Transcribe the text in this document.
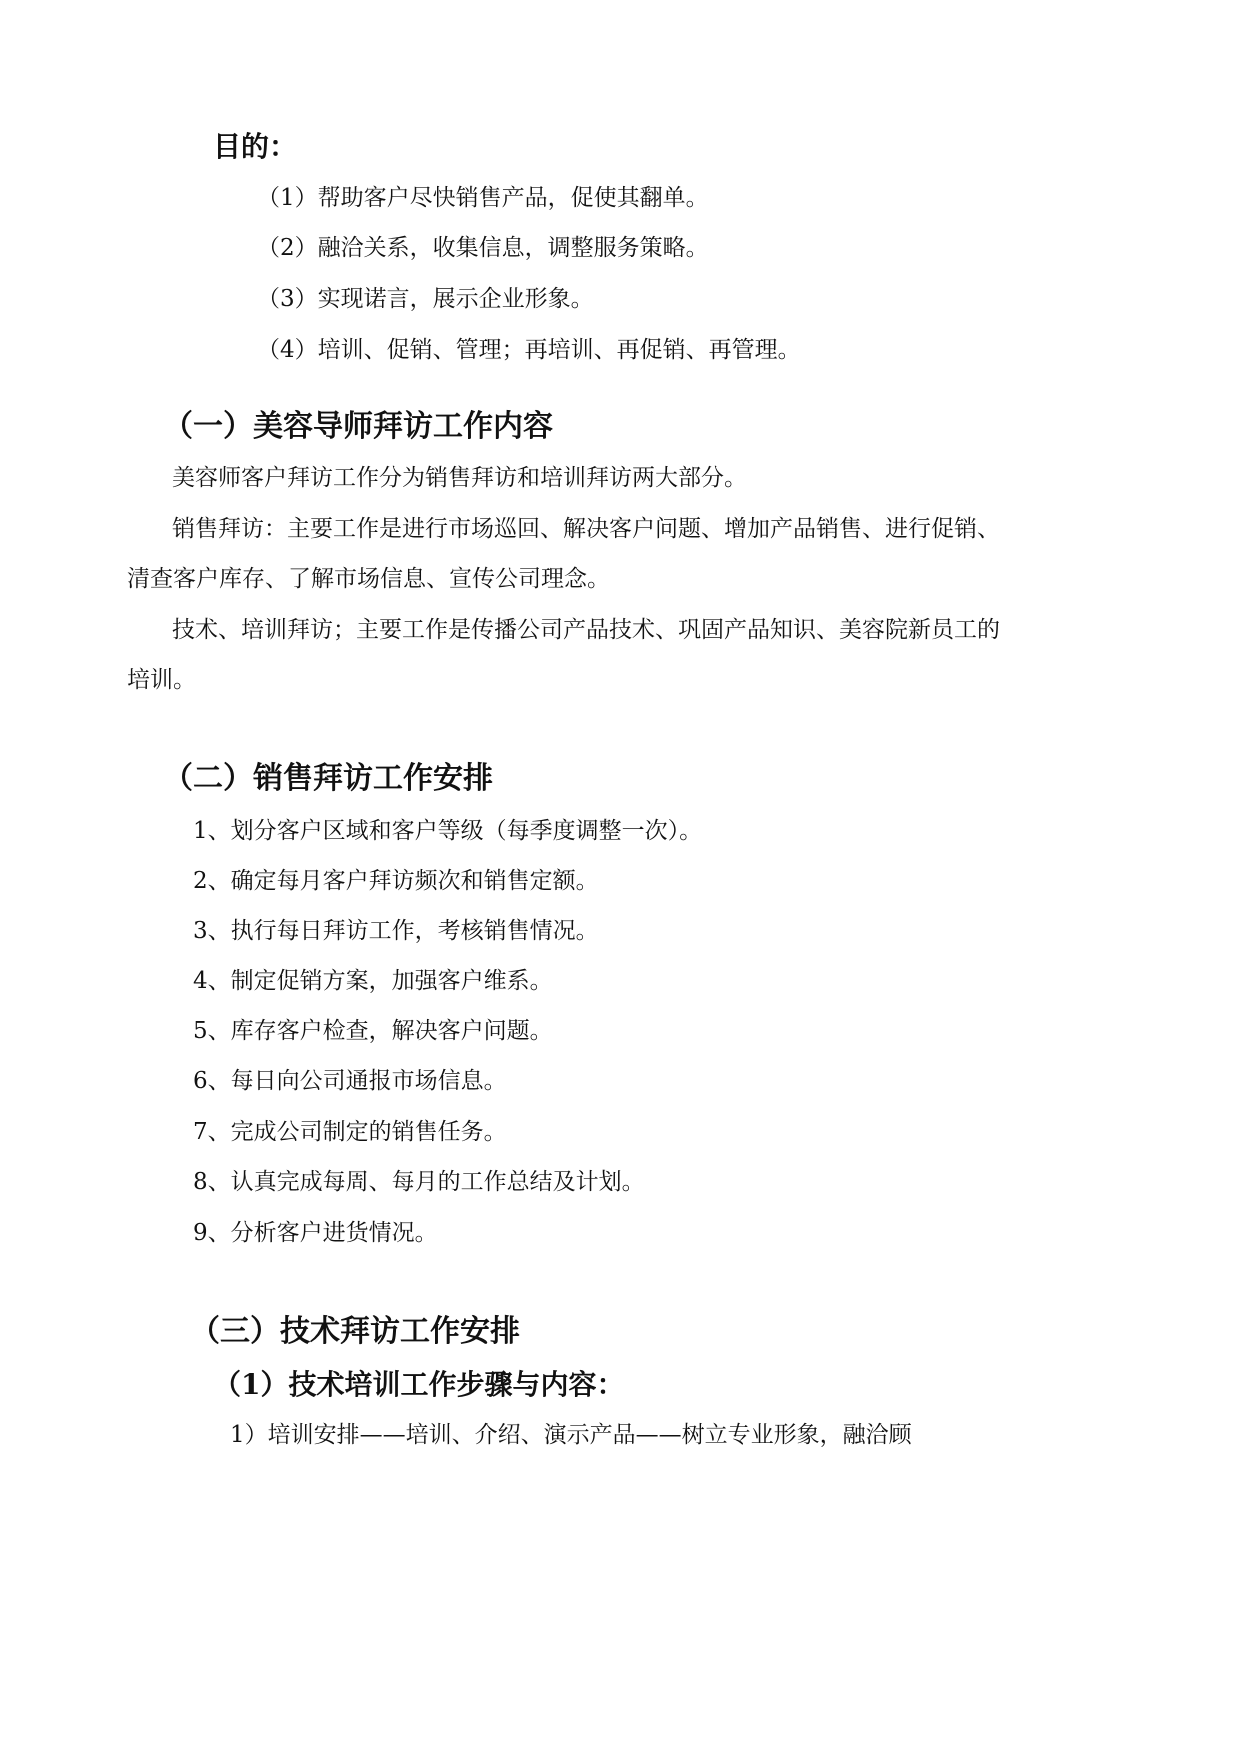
目的：
（1）帮助客户尽快销售产品，促使其翻单。
（2）融洽关系，收集信息，调整服务策略。
（3）实现诺言，展示企业形象。
（4）培训、促销、管理；再培训、再促销、再管理。
（一）美容导师拜访工作内容
美容师客户拜访工作分为销售拜访和培训拜访两大部分。
销售拜访：主要工作是进行市场巡回、解决客户问题、增加产品销售、进行促销、
清查客户库存、了解市场信息、宣传公司理念。
技术、培训拜访；主要工作是传播公司产品技术、巩固产品知识、美容院新员工的
培训。
（二）销售拜访工作安排
1、划分客户区域和客户等级（每季度调整一次）。
2、确定每月客户拜访频次和销售定额。
3、执行每日拜访工作，考核销售情况。
4、制定促销方案，加强客户维系。
5、库存客户检查，解决客户问题。
6、每日向公司通报市场信息。
7、完成公司制定的销售任务。
8、认真完成每周、每月的工作总结及计划。
9、分析客户进货情况。
（三）技术拜访工作安排
（1）技术培训工作步骤与内容：
1）培训安排——培训、介绍、演示产品——树立专业形象，融洽顾
